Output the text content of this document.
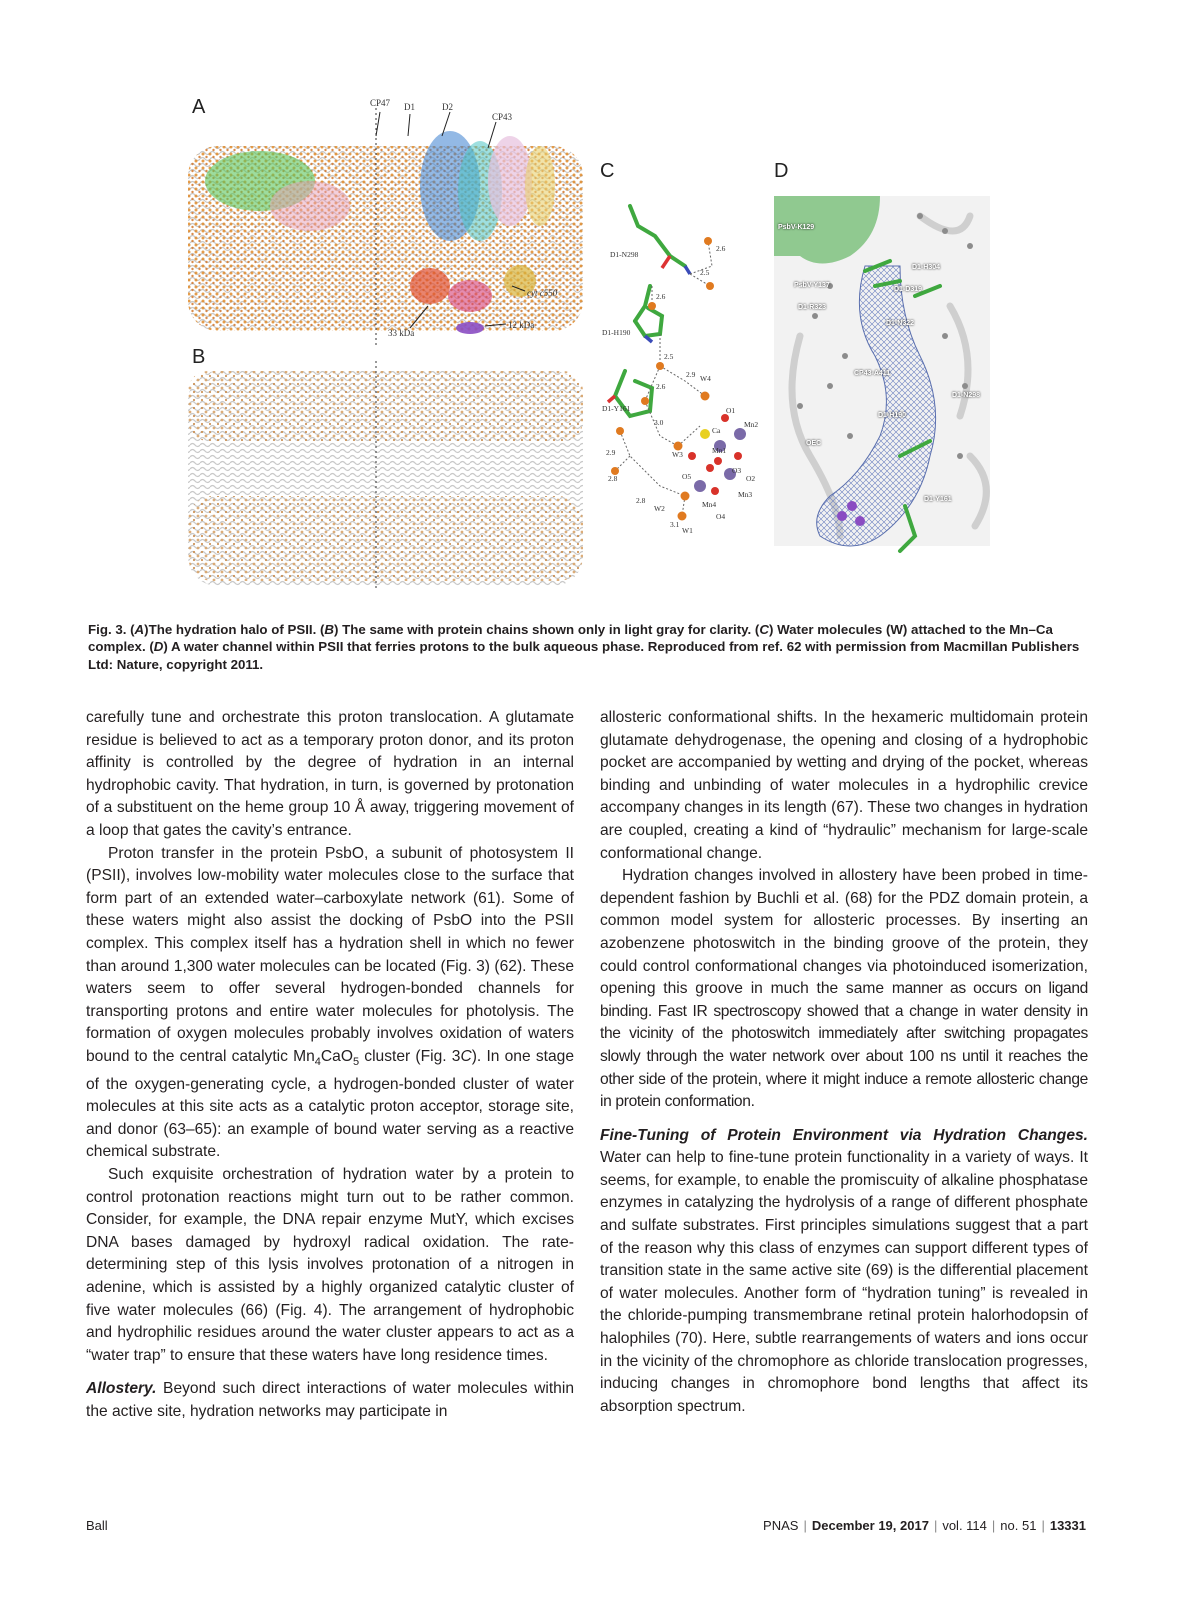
A	CP47 D1	D2
CP43
cyt c550
33 kDa
12 kDa
B
C
D1-N298
D1-H190
D1-Y161
2.6
2.5
2.6
2.5
2.9
2.6
2.9
3.0
2.8
2.8
3.1
W4
W3
W2
W1
Ca
O1
Mn2
Mn1
O5
O3
O2
Mn3
Mn4
O4
D
PsbV-K129
D1-H304
PsbV-Y137
D1-D319
D1-R323
D1-N322
CP43-A411
D1-N298
D1-H190
OEC
D1-Y161
Fig. 3. (A)The hydration halo of PSII. (B) The same with protein chains shown only in light gray for clarity. (C) Water molecules (W) attached to the Mn–Ca complex. (D) A water channel within PSII that ferries protons to the bulk aqueous phase. Reproduced from ref. 62 with permission from Macmillan Publishers Ltd: Nature, copyright 2011.

carefully tune and orchestrate this proton translocation. A glutamate residue is believed to act as a temporary proton donor, and its proton affinity is controlled by the degree of hydration in an internal hydrophobic cavity. That hydration, in turn, is governed by protonation of a substituent on the heme group 10 Å away, triggering movement of a loop that gates the cavity’s entrance.

Proton transfer in the protein PsbO, a subunit of photosystem II (PSII), involves low-mobility water molecules close to the surface that form part of an extended water–carboxylate network (61). Some of these waters might also assist the docking of PsbO into the PSII complex. This complex itself has a hydration shell in which no fewer than around 1,300 water molecules can be located (Fig. 3) (62). These waters seem to offer several hydrogen-bonded channels for transporting protons and entire water molecules for photolysis. The formation of oxygen molecules probably involves oxidation of waters bound to the central catalytic $Mn_4CaO_5$ cluster (Fig. 3C). In one stage of the oxygen-generating cycle, a hydrogen-bonded cluster of water molecules at this site acts as a catalytic proton acceptor, storage site, and donor (63–65): an example of bound water serving as a reactive chemical substrate.

Such exquisite orchestration of hydration water by a protein to control protonation reactions might turn out to be rather common. Consider, for example, the DNA repair enzyme MutY, which excises DNA bases damaged by hydroxyl radical oxidation. The rate-determining step of this lysis involves protonation of a nitrogen in adenine, which is assisted by a highly organized catalytic cluster of five water molecules (66) (Fig. 4). The arrangement of hydrophobic and hydrophilic residues around the water cluster appears to act as a “water trap” to ensure that these waters have long residence times.

Allostery. Beyond such direct interactions of water molecules within the active site, hydration networks may participate in

allosteric conformational shifts. In the hexameric multidomain protein glutamate dehydrogenase, the opening and closing of a hydrophobic pocket are accompanied by wetting and drying of the pocket, whereas binding and unbinding of water molecules in a hydrophilic crevice accompany changes in its length (67). These two changes in hydration are coupled, creating a kind of “hydraulic” mechanism for large-scale conformational change.

Hydration changes involved in allostery have been probed in time-dependent fashion by Buchli et al. (68) for the PDZ domain protein, a common model system for allosteric processes. By inserting an azobenzene photoswitch in the binding groove of the protein, they could control conformational changes via photoinduced isomerization, opening this groove in much the same manner as occurs on ligand binding. Fast IR spectroscopy showed that a change in water density in the vicinity of the photoswitch immediately after switching propagates slowly through the water network over about 100 ns until it reaches the other side of the protein, where it might induce a remote allosteric change in protein conformation.

Fine-Tuning of Protein Environment via Hydration Changes. Water can help to fine-tune protein functionality in a variety of ways. It seems, for example, to enable the promiscuity of alkaline phosphatase enzymes in catalyzing the hydrolysis of a range of different phosphate and sulfate substrates. First principles simulations suggest that a part of the reason why this class of enzymes can support different types of transition state in the same active site (69) is the differential placement of water molecules. Another form of “hydration tuning” is revealed in the chloride-pumping transmembrane retinal protein halorhodopsin of halophiles (70). Here, subtle rearrangements of waters and ions occur in the vicinity of the chromophore as chloride translocation progresses, inducing changes in chromophore bond lengths that affect its absorption spectrum.

Ball	PNAS | December 19, 2017 | vol. 114 | no. 51 | 13331
